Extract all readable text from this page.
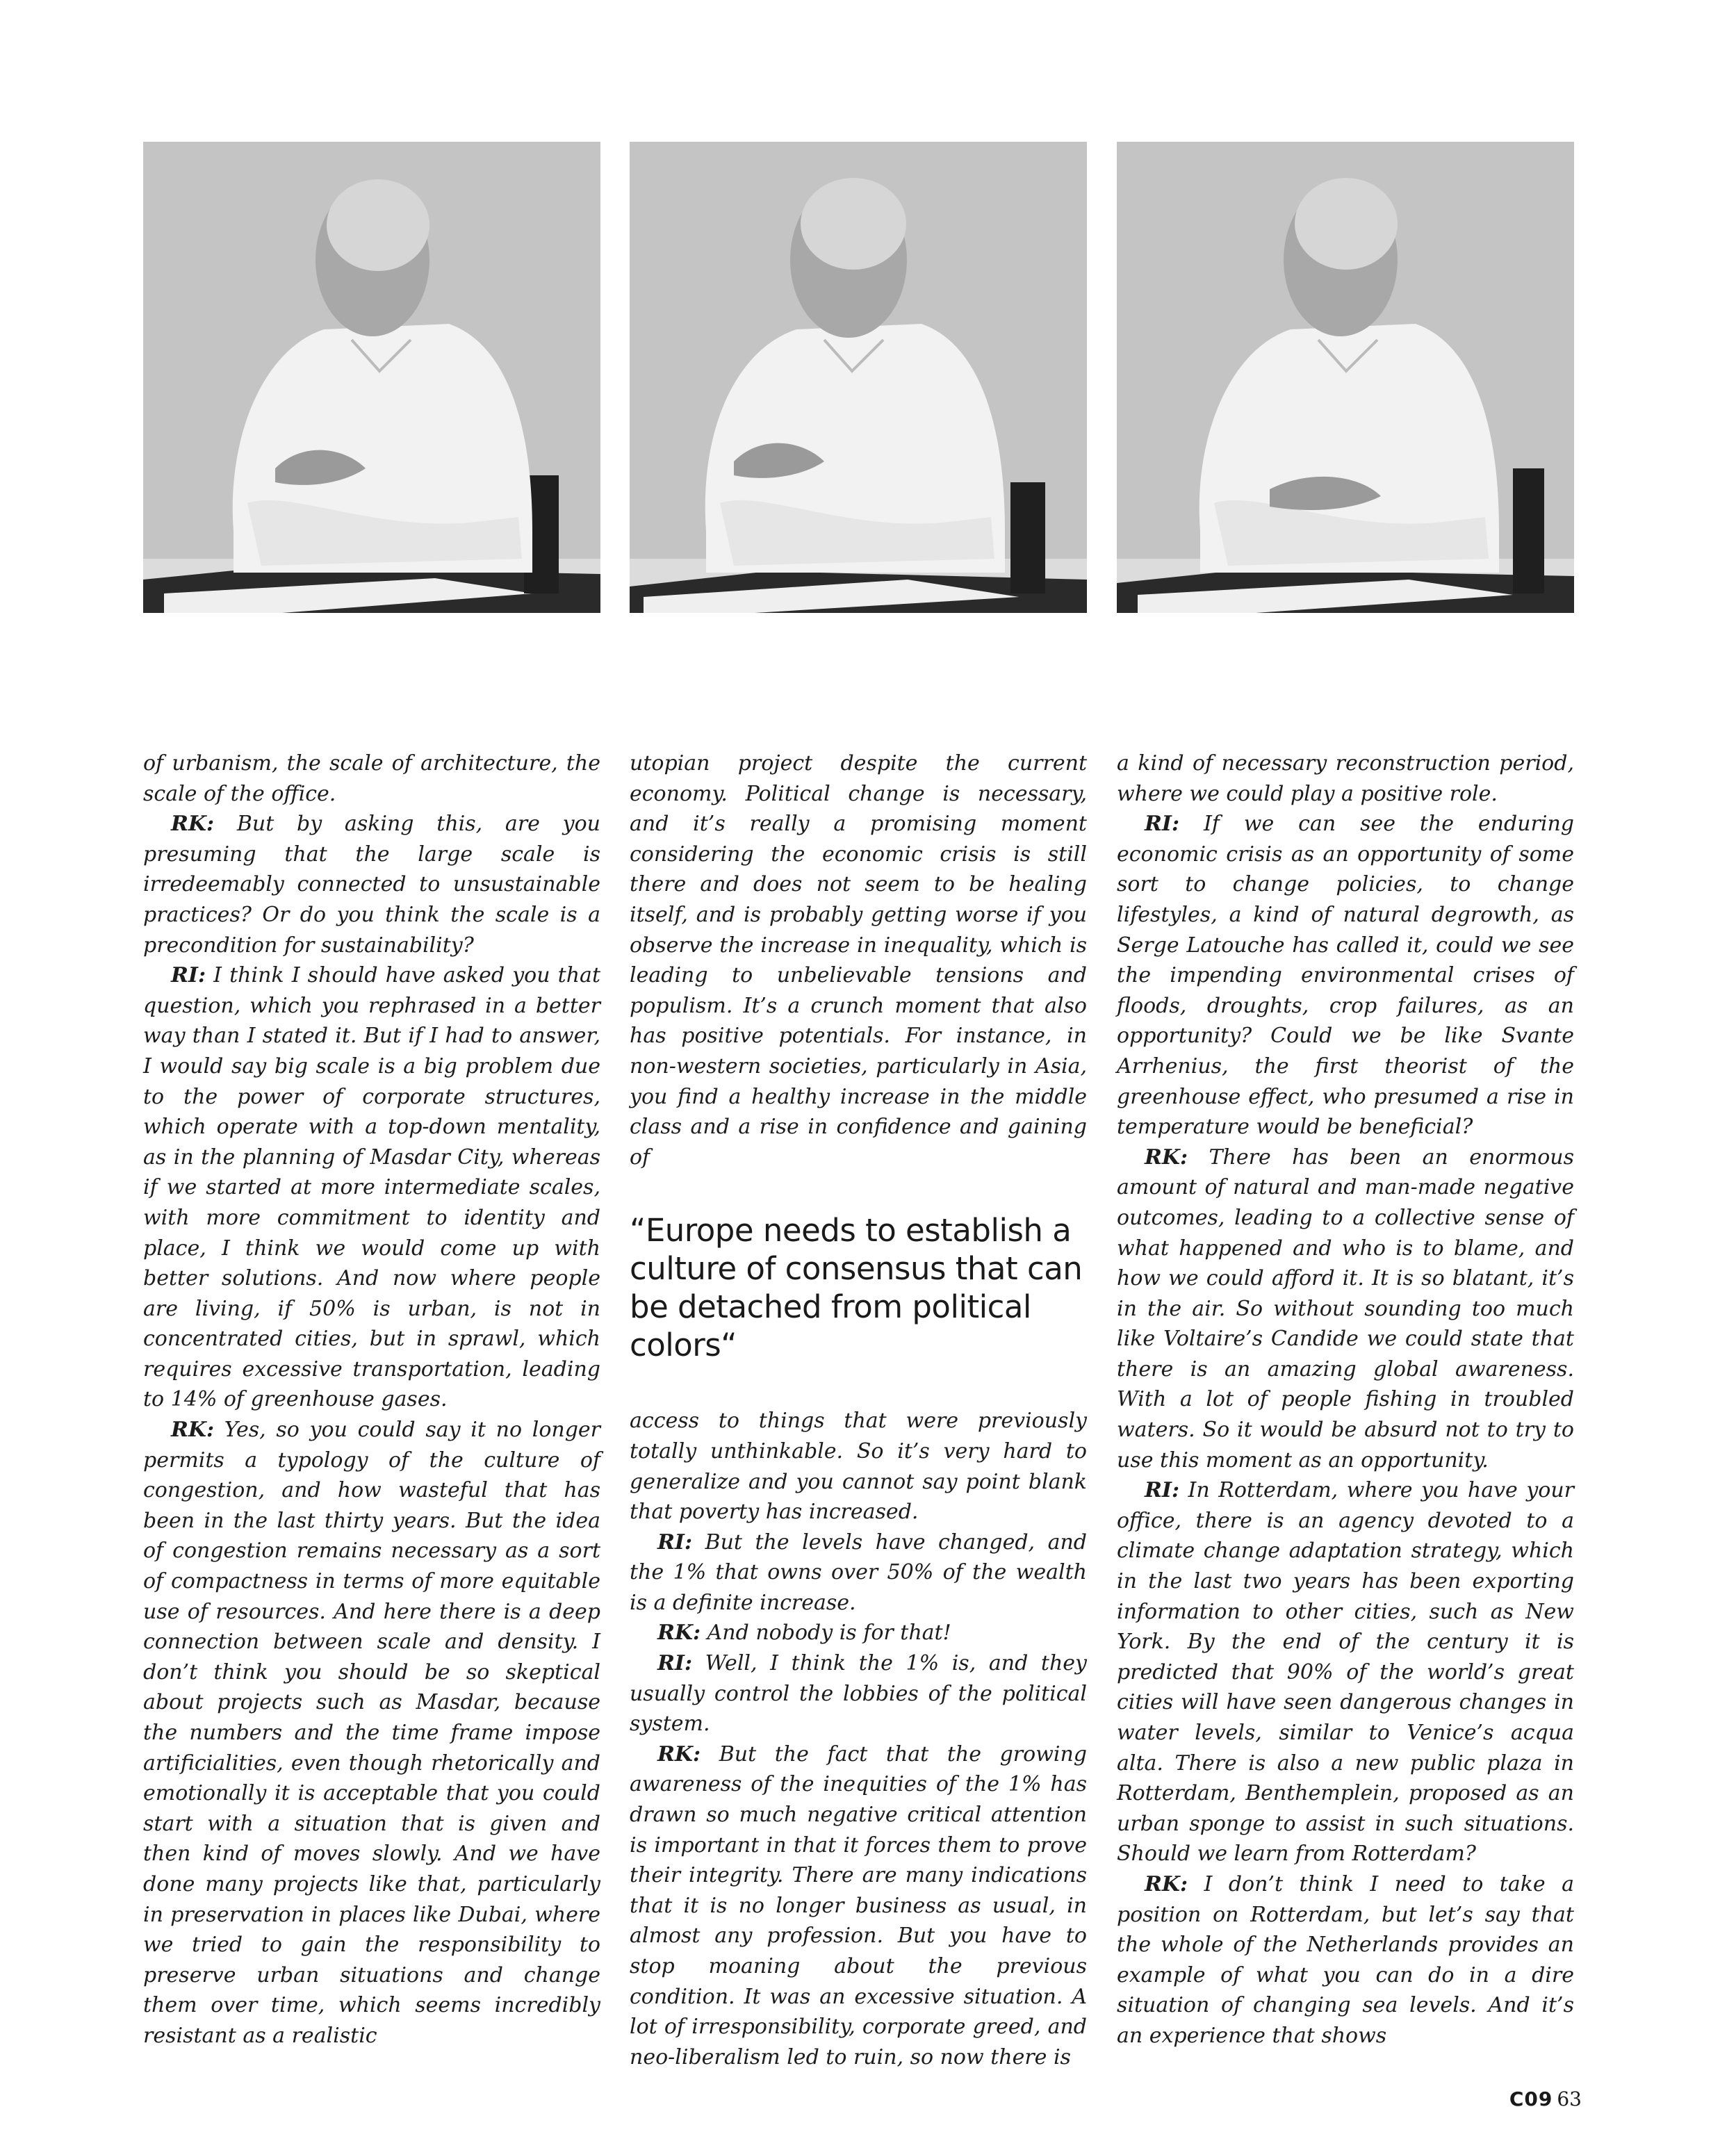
of urbanism, the scale of architecture, the scale of the office.

RK: But by asking this, are you presuming that the large scale is irredeemably connected to unsustainable practices? Or do you think the scale is a precondition for sustainability?

RI: I think I should have asked you that question, which you rephrased in a better way than I stated it. But if I had to answer, I would say big scale is a big problem due to the power of corporate structures, which operate with a top-down mentality, as in the planning of Masdar City, whereas if we started at more intermediate scales, with more commitment to identity and place, I think we would come up with better solutions. And now where people are living, if 50% is urban, is not in concentrated cities, but in sprawl, which requires excessive transportation, leading to 14% of greenhouse gases.

RK: Yes, so you could say it no longer permits a typology of the culture of congestion, and how wasteful that has been in the last thirty years. But the idea of congestion remains necessary as a sort of compactness in terms of more equitable use of resources. And here there is a deep connection between scale and density. I don’t think you should be so skeptical about projects such as Masdar, because the numbers and the time frame impose artificialities, even though rhetorically and emotionally it is acceptable that you could start with a situation that is given and then kind of moves slowly. And we have done many projects like that, particularly in preservation in places like Dubai, where we tried to gain the responsibility to preserve urban situations and change them over time, which seems incredibly resistant as a realistic

utopian project despite the current economy. Political change is necessary, and it’s really a promising moment considering the economic crisis is still there and does not seem to be healing itself, and is probably getting worse if you observe the increase in inequality, which is leading to unbelievable tensions and populism. It’s a crunch moment that also has positive potentials. For instance, in non-western societies, particularly in Asia, you find a healthy increase in the middle class and a rise in confidence and gaining of

“Europe needs to establish a culture of consensus that can be detached from political colors“

access to things that were previously totally unthinkable. So it’s very hard to generalize and you cannot say point blank that poverty has increased.

RI: But the levels have changed, and the 1% that owns over 50% of the wealth is a definite increase.

RK: And nobody is for that!

RI: Well, I think the 1% is, and they usually control the lobbies of the political system.

RK: But the fact that the growing awareness of the inequities of the 1% has drawn so much negative critical attention is important in that it forces them to prove their integrity. There are many indications that it is no longer business as usual, in almost any profession. But you have to stop moaning about the previous condition. It was an excessive situation. A lot of irresponsibility, corporate greed, and neo-liberalism led to ruin, so now there is

a kind of necessary reconstruction period, where we could play a positive role.

RI: If we can see the enduring economic crisis as an opportunity of some sort to change policies, to change lifestyles, a kind of natural degrowth, as Serge Latouche has called it, could we see the impending environmental crises of floods, droughts, crop failures, as an opportunity? Could we be like Svante Arrhenius, the first theorist of the greenhouse effect, who presumed a rise in temperature would be beneficial?

RK: There has been an enormous amount of natural and man-made negative outcomes, leading to a collective sense of what happened and who is to blame, and how we could afford it. It is so blatant, it’s in the air. So without sounding too much like Voltaire’s Candide we could state that there is an amazing global awareness. With a lot of people fishing in troubled waters. So it would be absurd not to try to use this moment as an opportunity.

RI: In Rotterdam, where you have your office, there is an agency devoted to a climate change adaptation strategy, which in the last two years has been exporting information to other cities, such as New York. By the end of the century it is predicted that 90% of the world’s great cities will have seen dangerous changes in water levels, similar to Venice’s acqua alta. There is also a new public plaza in Rotterdam, Benthemplein, proposed as an urban sponge to assist in such situations. Should we learn from Rotterdam?

RK: I don’t think I need to take a position on Rotterdam, but let’s say that the whole of the Netherlands provides an example of what you can do in a dire situation of changing sea levels. And it’s an experience that shows

C09 63
